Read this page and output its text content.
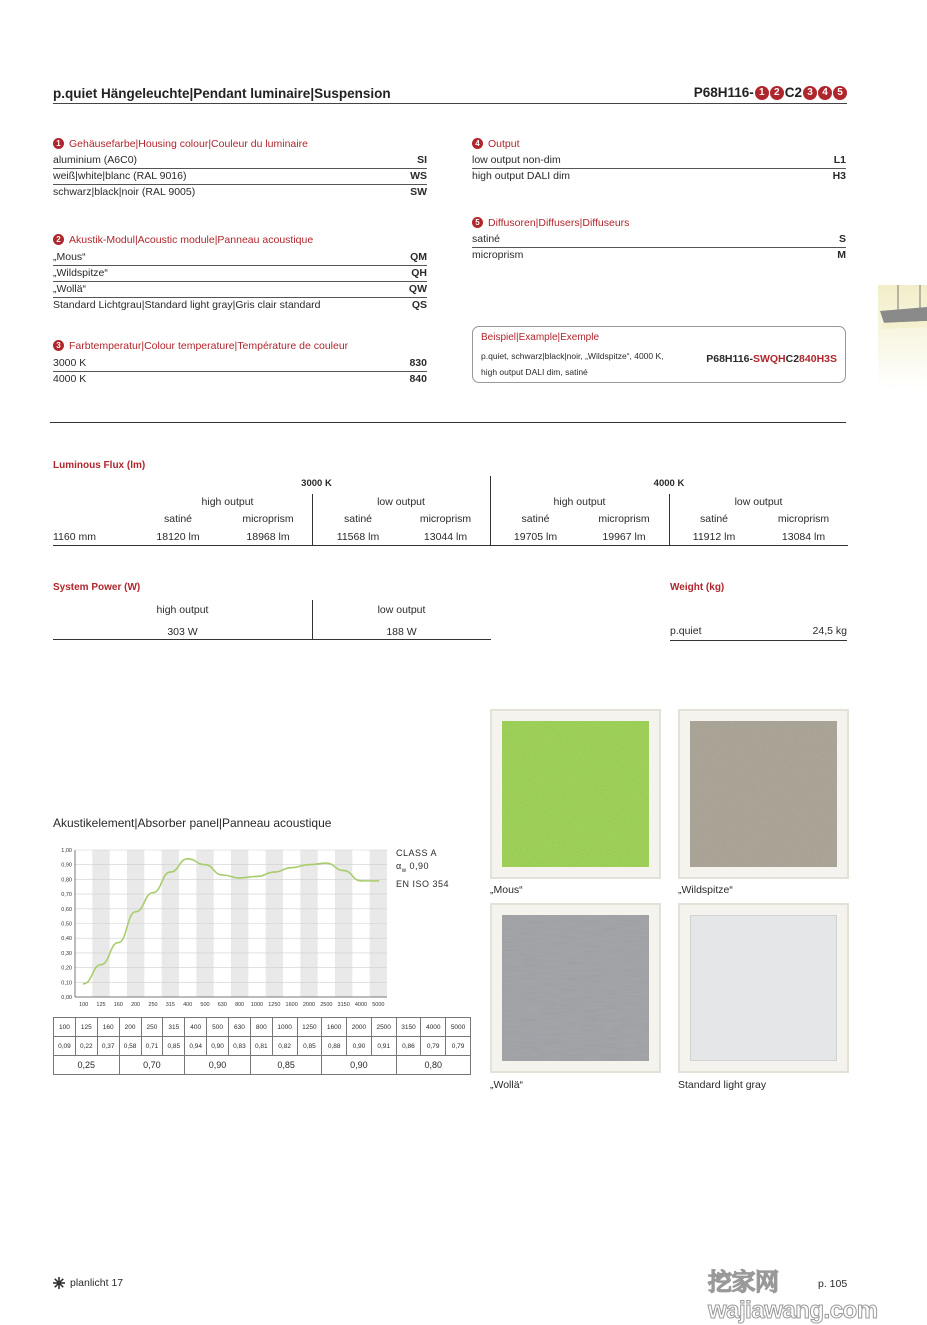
p.quiet Hängeleuchte|Pendant luminaire|Suspension	P68H116- 1 2 C2 3 4 5
1 Gehäusefarbe|Housing colour|Couleur du luminaire
aluminium (A6C0)	SI
weiß|white|blanc (RAL 9016)	WS
schwarz|black|noir (RAL 9005)	SW
2 Akustik-Modul|Acoustic module|Panneau acoustique
„Mous“	QM
„Wildspitze“	QH
„Wollä“	QW
Standard Lichtgrau|Standard light gray|Gris clair standard	QS
3 Farbtemperatur|Colour temperature|Température de couleur
3000 K	830
4000 K	840
4 Output
low output non-dim	L1
high output DALI dim	H3
5 Diffusoren|Diffusers|Diffuseurs
satiné	S
microprism	M
Beispiel|Example|Exemple
p.quiet, schwarz|black|noir, „Wildspitze“, 4000 K,
high output DALI dim, satiné
P68H116-SWQHC2840H3S
Luminous Flux (lm)
3000 K	4000 K
high output	low output	high output	low output
satiné	microprism	satiné	microprism	satiné	microprism	satiné	microprism
1160 mm	18120 lm	18968 lm	11568 lm	13044 lm	19705 lm	19967 lm	11912 lm	13084 lm
System Power (W)
high output	low output
303 W	188 W
Weight (kg)
p.quiet	24,5 kg
„Mous“	„Wildspitze“
„Wollä“	Standard light gray
Akustikelement|Absorber panel|Panneau acoustique
0,00
0,10
0,20
0,30
0,40
0,50
0,60
0,70
0,80
0,90
1,00
100 125 160 200 250 315 400 500 630 800 1000 1250 1600 2000 2500 3150 4000 5000
CLASS A
$\alpha_w$ 0,90
EN ISO 354
100	125	160	200	250	315	400	500	630	800	1000	1250	1600	2000	2500	3150	4000	5000
0,09	0,22	0,37	0,58	0,71	0,85	0,94	0,90	0,83	0,81	0,82	0,85	0,88	0,90	0,91	0,86	0,79	0,79
0,25			0,70			0,90			0,85			0,90			0,80		
planlicht 17	p. 105
挖家网 wajiawang.com
